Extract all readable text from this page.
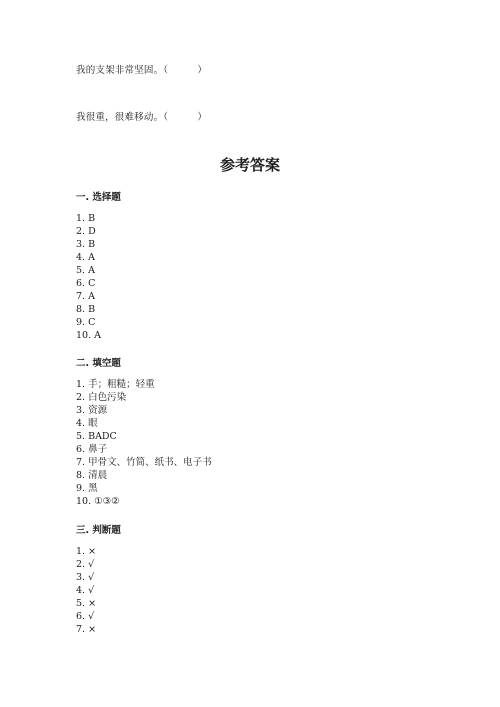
我的支架非常坚固。（　　　）
我很重，很难移动。（　　　）
参考答案
一. 选择题
1. B
2. D
3. B
4. A
5. A
6. C
7. A
8. B
9. C
10. A
二. 填空题
1. 手；粗糙；轻重
2. 白色污染
3. 资源
4. 眼
5. BADC
6. 鼻子
7. 甲骨文、竹简、纸书、电子书
8. 清晨
9. 黑
10. ①③②
三. 判断题
1. ×
2. √
3. √
4. √
5. ×
6. √
7. ×
